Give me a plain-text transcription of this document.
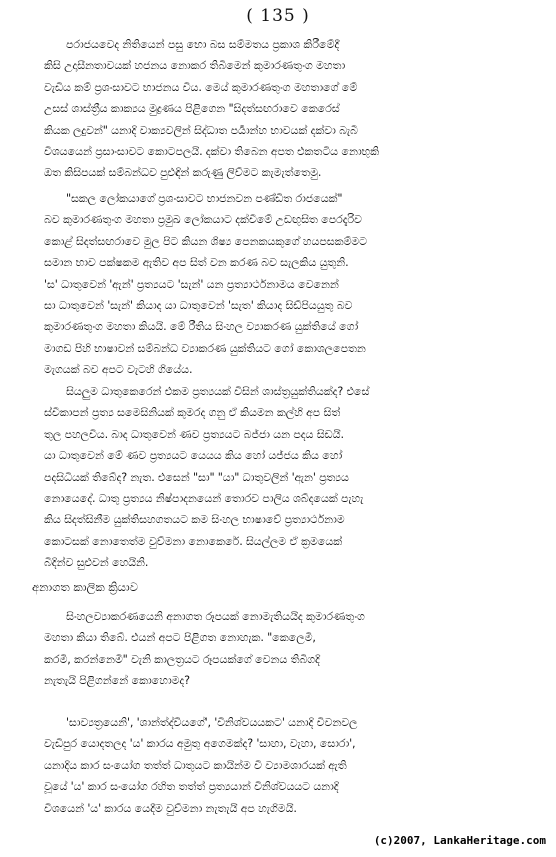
( 135 )
පරාජයවෙද නිතියෙන් පසු භො බස සම්මතය ප්‍රකාශ කිරීමේදී
කිසි උදාසීනතාවයක් හජනය නොකර තිබීමෙන් කුමාරණතුංග මහතා
වැඩිය කම් ප්‍රශංසාවට භාජනය විය. මෙය් කුමාරණතුංග මහතාගේ මේ
උසස් ශාස්ත්‍රීය කාක්‍යය මුද්‍රණය පිළිගෙන "සිදත්සඟරාවෙ කෙරෙස්
කියක ලදුවන්" යනාදි වාක්‍යවලින් සිද්ධාත පර්‍යාන්හ භාවයක් දක්වා බැබී
විශයයෙන් ප්‍රසාංසාවට කොටපලයි. දක්වා තිබෙන අපත එකතටිය නොභුකි
ඔත කිසිපයක් සම්බන්ධව පුළුඳින් කරුණු ලිව්මට කැමැත්තෙමු.
"සකල ලෝකයාගේ ප්‍රශංසාවට භාජනවන පණ්ඩිත රාජයෙක්"
බව කුමාරණතුංග මහතා ප්‍රමුඛ ලෝකයාට දක්වීමේ උඩඟුසිත පෙරදැරිව
කොළ් සිදත්සඟරාවෙ මුල පිට කියන ශිෂ්‍ය පෙනකයකුගේ හයපසකම්මට
සමාන භාව පක්ෂකම ඇතිව අප සිත් වන කරණ බව සැලකිය යුතුනි.
'ස' ධාතුවෙන් 'ඇන්' ප්‍රත්‍යයට 'සැන්' යන ප්‍රත්‍යාර්ථනාමය වෙනෙන්
සා ධාතුවෙන් 'සැන්' කියාද යා ධාතුවෙන් 'සැත' කියාද සිඩ්පියයුතු බව
කුමාරණතුංග මහතා කියයි. මේ රීතිය සිංහල ව්‍යාකරණ යුක්තියේ ගෝ
මාගඩ පිහි භාෂාවන් සම්බන්ධ ව්‍යාකරණ යුක්තියට ගෝ කොශලපෙතන
මැගයක් බව අපට වැටහි ගියේය.
සියලුම ධාතුකෙරෙන් එකම ප්‍රත්‍යයක් විසින් ශාස්ත්‍රයුක්තියක්ද? එසේ
ස්වීකාපන් ප්‍රත්‍ය සමෙසිනියක් කුමරද ගනු ඒ කියමන කල්හි අප සිත්
තුල පහලවිය. බාද ධාතුවෙන් ණව ප්‍රත්‍යයට බජ්ජා යන පදය සිඩයි.
යා ධාතුවෙන් මේ ණව ප්‍රත්‍යයට යෙයය කිය හෝ යජ්ජය කිය හෝ
පදසිධියක් තිබේද? නැත. එසෙන් "සා" "යා" ධාතුවලින් 'ඇන' ප්‍රත්‍යය
නොයෙදේ. ධාතු ප්‍රත්‍යය නිෂ්පාදනයෙන් තොරව පාලිය ශබ්දයෙක් පැහැ
කිය සිදත්සිනීම යුක්තිසහගතයට කම සිංහල භාෂාවේ ප්‍රත්‍යාර්ථනාම
කොටසක් නොතෙත්ම වුව්මනා නොකෙරේ. සියල්ලම ඒ ක්‍රමයෙක්
බිදින්ව සුළුවන් හෙයිනි.
අනාගත කාලික ක්‍රියාව
සිංහලව්‍යාකරණයෙනි අනාගත රූපයක් නොමැතියයිද කුමාරණතුංග
මහතා කියා තිබේ. එයන් අපට පිළිගත නොහැක. "කෙලෙමි,
කරමි, කරන්නෙමි" වැනි කාලත්‍රයට රූපයක්ගේ වෙනය තිබිගදි
නැතැයි පිළිගන්නේ කොහොමද?
'සාව්‍යත්‍රයෙනි', 'ශාන්ත්ද්වියගේ', 'විනිශ්වයයකට' යනාදි විවනවල
වැඩිපුර යොදතලද 'ය' කාරය අමුතු අගෙමක්ද? 'සාහා, වැහා, සොරා',
යනාදිය කාර සංයෝග තත්ත් ධාතුයට කායින්ම වී ව්‍යාමශාරයක් ඇති
වූයේ 'ය' කාර සංයෝග රහිත තත්ත් ප්‍රත්‍යයාන් විනිශ්වයයට යනාදි
විශයෙන් 'ය' කාරය යෙදීම වුව්මනා නැතැයි අප හැගිමයි.
(c)2007, LankaHeritage.com
